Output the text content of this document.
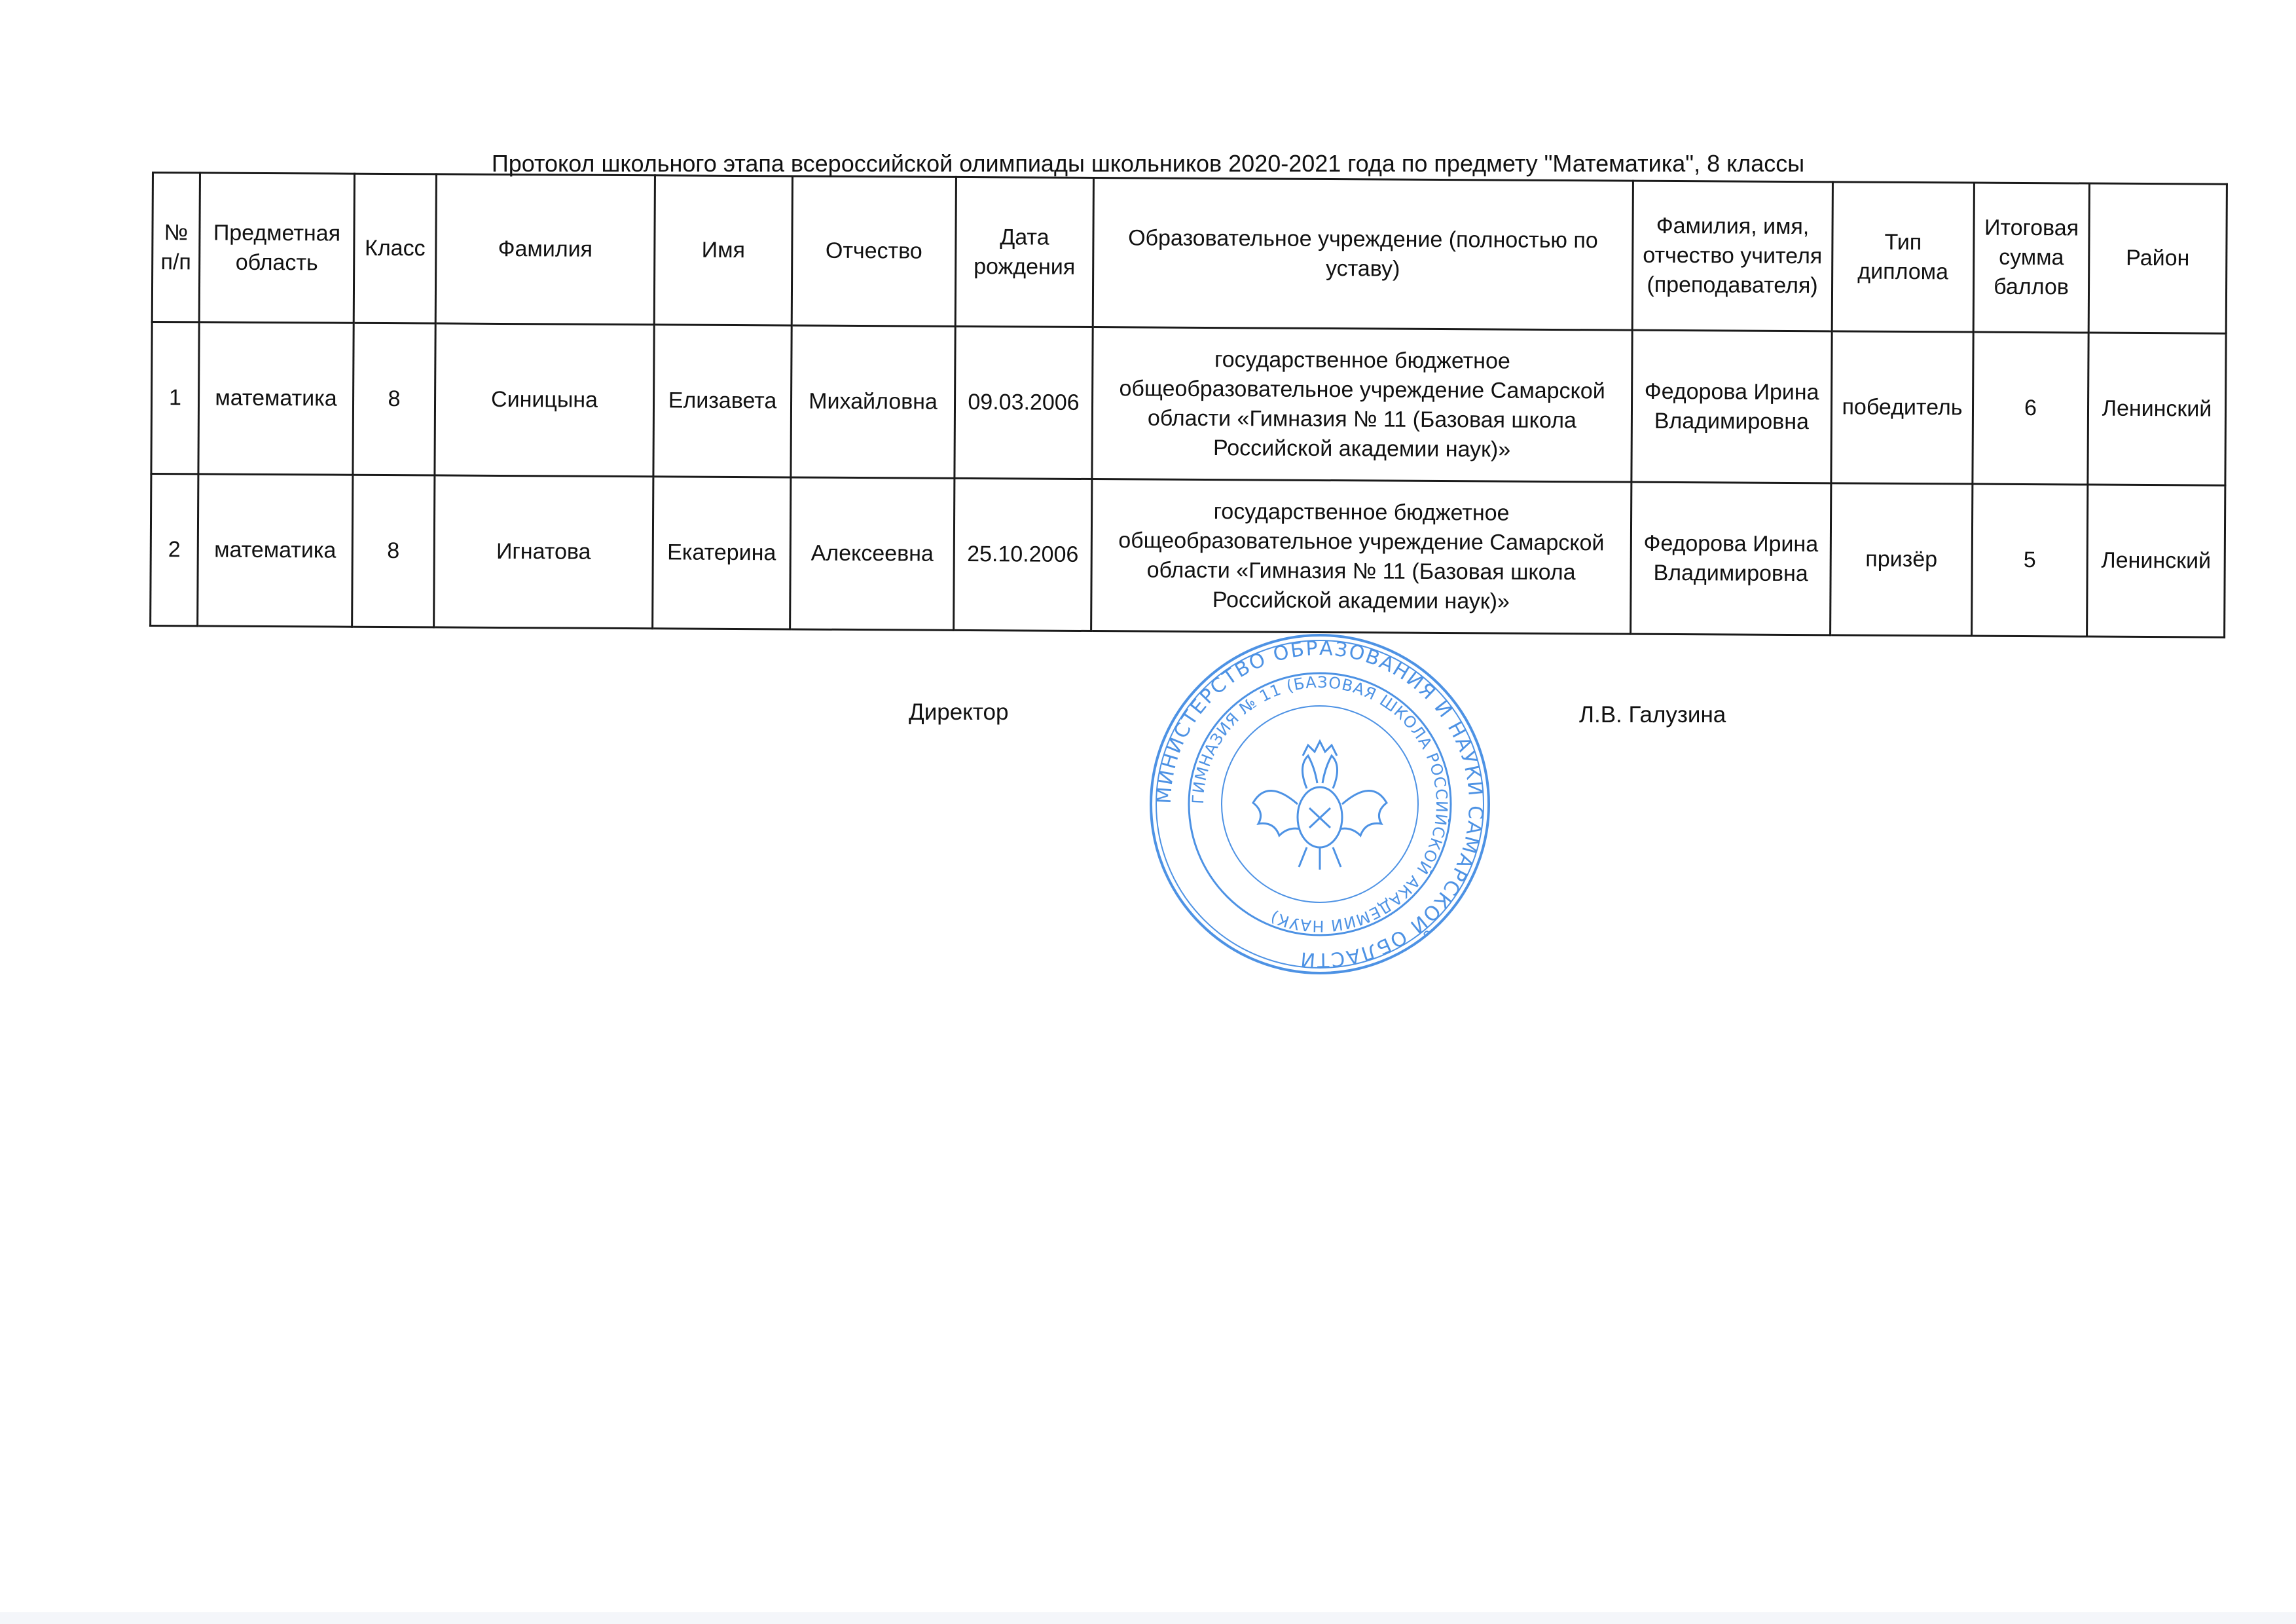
Протокол школьного этапа всероссийской олимпиады школьников 2020-2021 года по предмету "Математика", 8 классы
№ п/п	Предметная область	Класс	Фамилия	Имя	Отчество	Дата рождения	Образовательное учреждение (полностью по уставу)	Фамилия, имя, отчество учителя (преподавателя)	Тип диплома	Итоговая сумма баллов	Район
1	математика	8	Синицына	Елизавета	Михайловна	09.03.2006	государственное бюджетное общеобразовательное учреждение Самарской области «Гимназия № 11 (Базовая школа Российской академии наук)»	Федорова Ирина Владимировна	победитель	6	Ленинский
2	математика	8	Игнатова	Екатерина	Алексеевна	25.10.2006	государственное бюджетное общеобразовательное учреждение Самарской области «Гимназия № 11 (Базовая школа Российской академии наук)»	Федорова Ирина Владимировна	призёр	5	Ленинский
Директор	Л.В. Галузина
МИНИСТЕРСТВО ОБРАЗОВАНИЯ И НАУКИ САМАРСКОЙ ОБЛАСТИ
ГИМНАЗИЯ № 11 (БАЗОВАЯ ШКОЛА РОССИЙСКОЙ АКАДЕМИИ НАУК)
